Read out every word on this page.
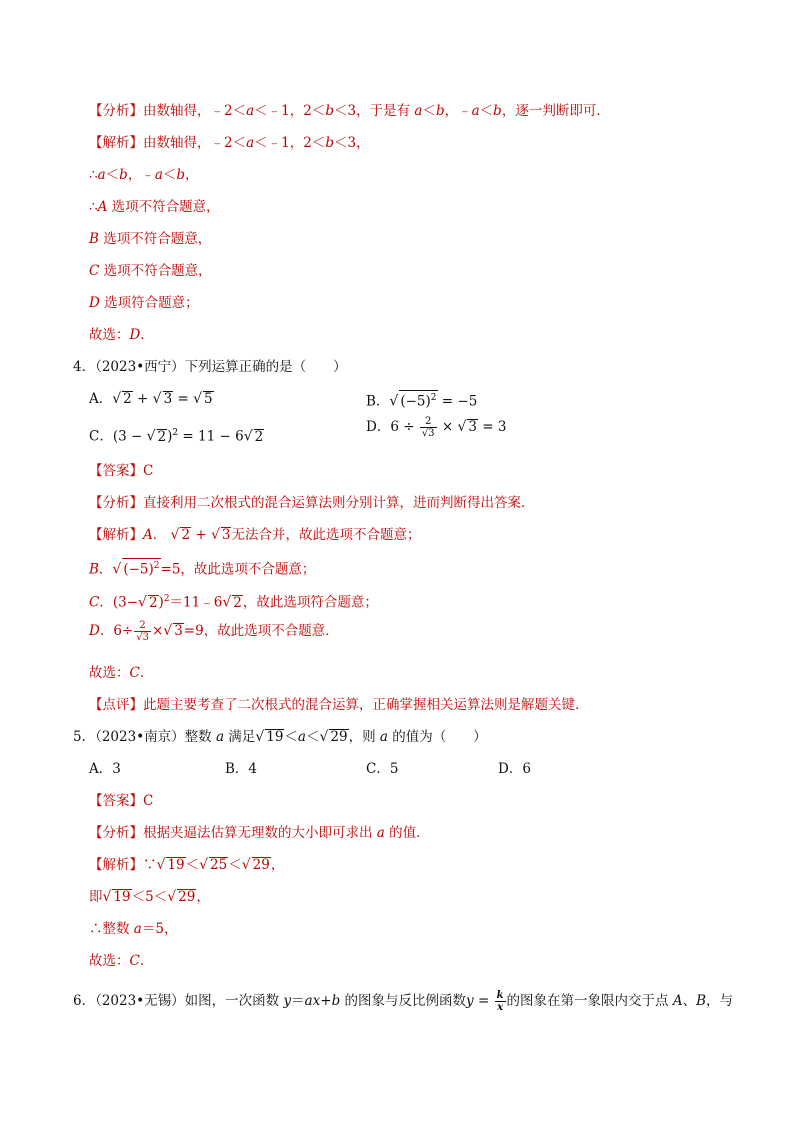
【分析】由数轴得，﹣2＜a＜﹣1，2＜b＜3，于是有 a＜b，﹣a＜b，逐一判断即可．
【解析】由数轴得，﹣2＜a＜﹣1，2＜b＜3，
∴a＜b，﹣a＜b，
∴A 选项不符合题意，
B 选项不符合题意，
C 选项不符合题意，
D 选项符合题意；
故选：D．
4．（2023•西宁）下列运算正确的是（　　）
A．√ 2 + √ 3 = √ 5	B．√ $(-5)^2 = -5$
C．(3 − √ 2)$^2$ = 11 − 6√ 2
D．$6 \div \frac{2}{√3}$ × √ 3 = 3
【答案】C
【分析】直接利用二次根式的混合运算法则分别计算，进而判断得出答案．
【解析】A． √ 2 + √ 3无法合并，故此选项不合题意；
B．√ $(-5)^2=5$，故此选项不合题意；
C．(3−√ 2)$^2$＝11﹣6√ 2，故此选项符合题意；
D．$6\div \frac{2}{√3}$ ×√ 3=9，故此选项不合题意．
故选：C．
【点评】此题主要考查了二次根式的混合运算，正确掌握相关运算法则是解题关键．
5．（2023•南京）整数 a 满足√ 19＜a＜√ 29，则 a 的值为（　　）
A．3	B．4	C．5	D．6
【答案】C
【分析】根据夹逼法估算无理数的大小即可求出 a 的值．
【解析】∵√ 19＜√ 25＜√ 29，
即√ 19＜5＜√ 29，
∴整数 a＝5，
故选：C．
6．（2023•无锡）如图，一次函数 y＝ax+b 的图象与反比例函数$y = \frac{k}{x}$ 的图象在第一象限内交于点 A、B，与
